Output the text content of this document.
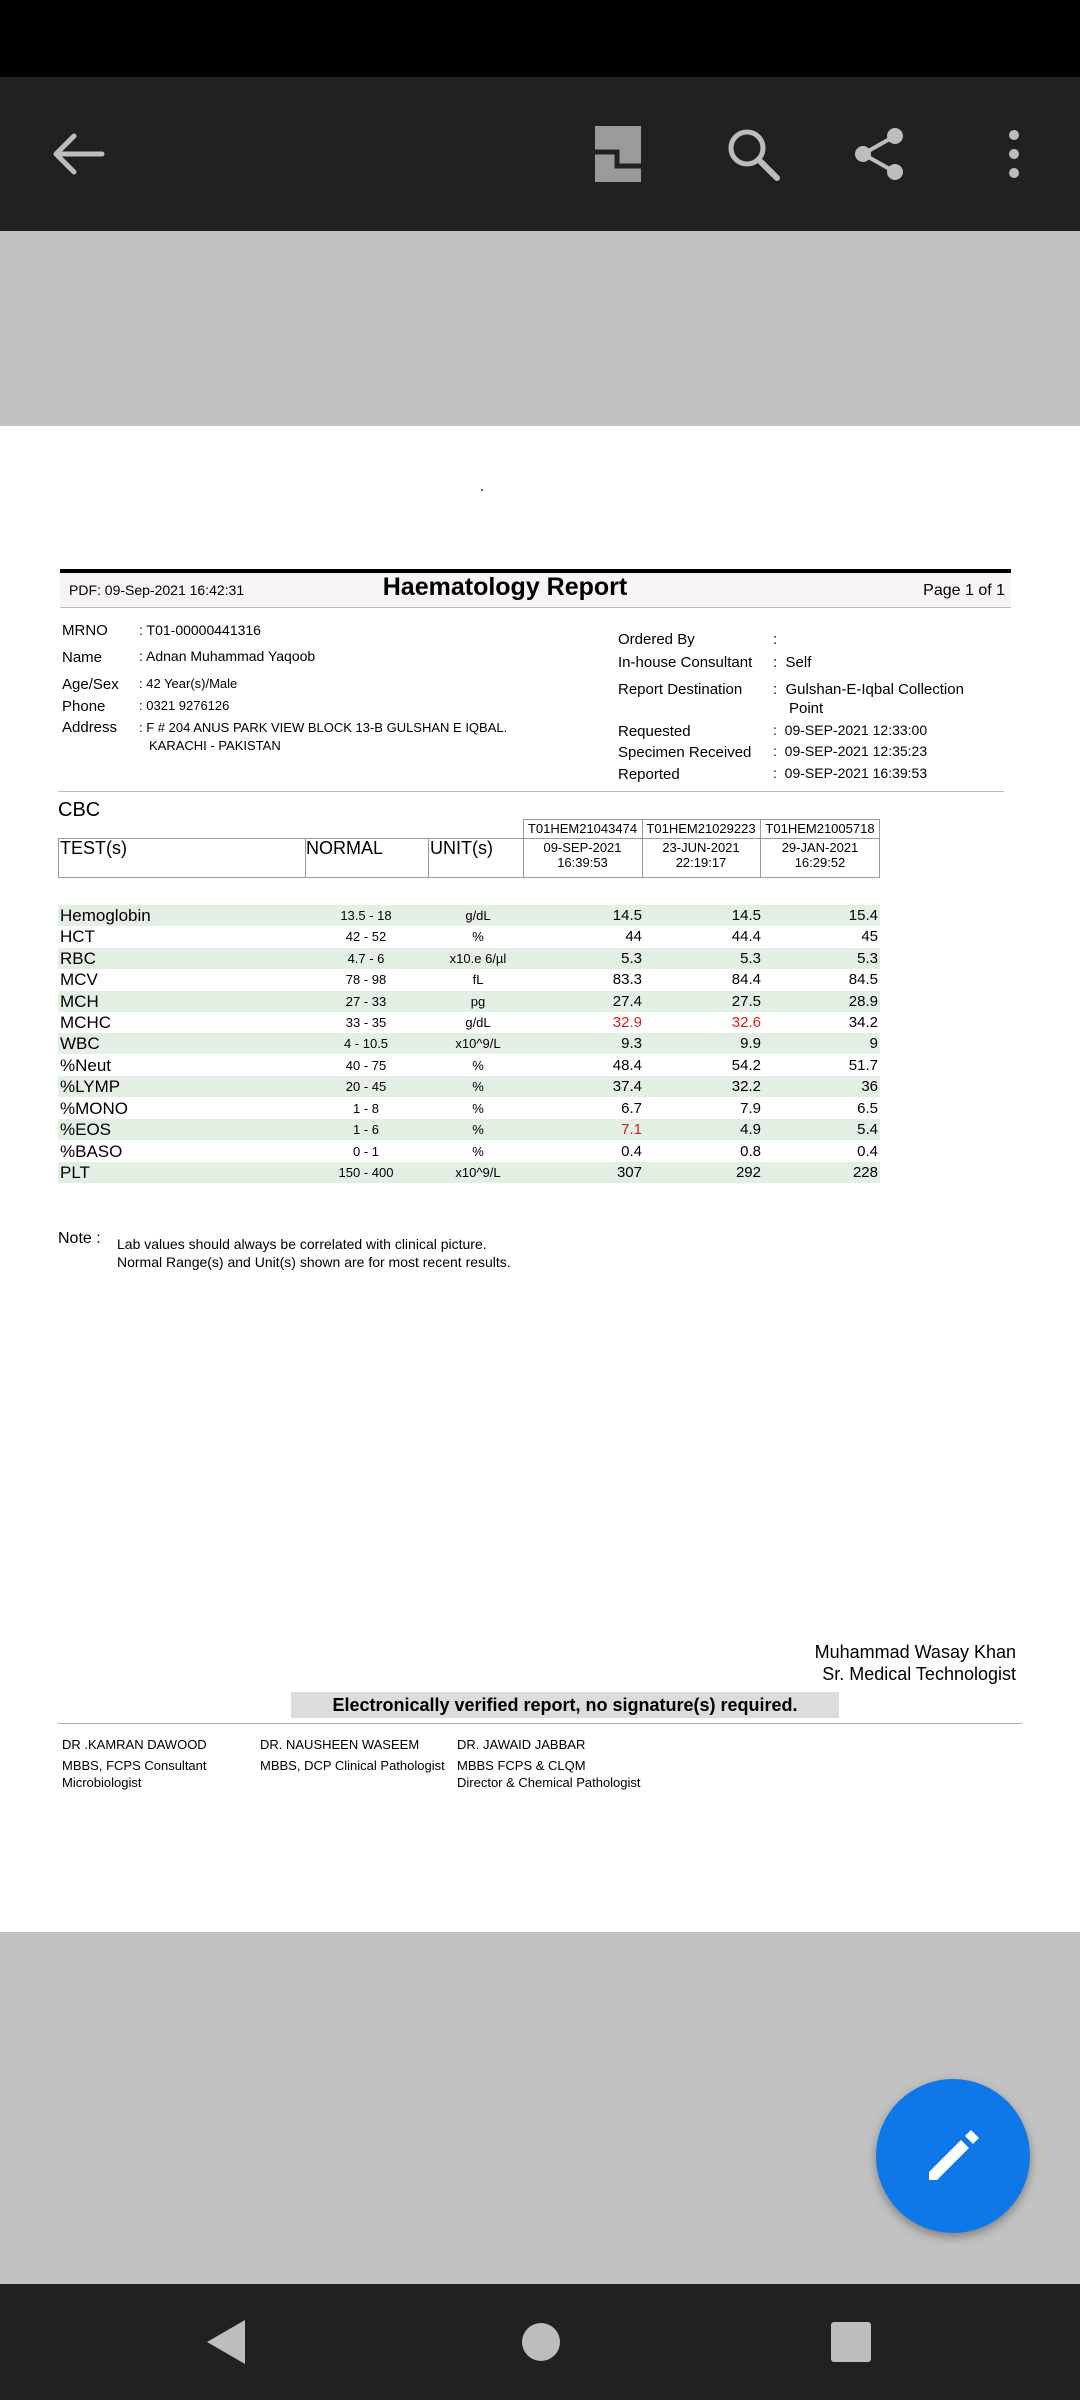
PDF: 09-Sep-2021 16:42:31	Haematology Report	Page 1 of 1
MRNO : T01-00000441316
Name	: Adnan Muhammad Yaqoob
Age/Sex : 42 Year(s)/Male
Phone	: 0321 9276126
Address : F # 204 ANUS PARK VIEW BLOCK 13-B GULSHAN E IQBAL.
KARACHI - PAKISTAN
Ordered By	:
In-house Consultant :  Self
Report Destination :  Gulshan-E-Iqbal Collection
Point
Requested	:  09-SEP-2021 12:33:00
Specimen Received :  09-SEP-2021 12:35:23
Reported	:  09-SEP-2021 16:39:53
CBC
TEST(s)	NORMAL	UNIT(s)
T01HEM21043474 T01HEM21029223 T01HEM21005718
09-SEP-2021
16:39:53
23-JUN-2021
22:19:17
29-JAN-2021
16:29:52
Hemoglobin	13.5 - 18	g/dL	14.5	14.5	15.4
HCT	42 - 52	%	44	44.4	45
RBC	4.7 - 6	x10.e 6/µl	5.3	5.3	5.3
MCV	78 - 98	fL	83.3	84.4	84.5
MCH	27 - 33	pg	27.4	27.5	28.9
MCHC	33 - 35	g/dL	32.9	32.6	34.2
WBC	4 - 10.5	x10^9/L	9.3	9.9	9
%Neut	40 - 75	%	48.4	54.2	51.7
%LYMP	20 - 45	%	37.4	32.2	36
%MONO	1 - 8	%	6.7	7.9	6.5
%EOS	1 - 6	%	7.1	4.9	5.4
%BASO	0 - 1	%	0.4	0.8	0.4
PLT	150 - 400	x10^9/L	307	292	228
Note : Lab values should always be correlated with clinical picture.
Normal Range(s) and Unit(s) shown are for most recent results.
Muhammad Wasay Khan
Sr. Medical Technologist
Electronically verified report, no signature(s) required.
DR .KAMRAN DAWOOD
MBBS, FCPS Consultant
Microbiologist
DR. NAUSHEEN WASEEM
MBBS, DCP Clinical Pathologist
DR. JAWAID JABBAR
MBBS FCPS & CLQM
Director & Chemical Pathologist
